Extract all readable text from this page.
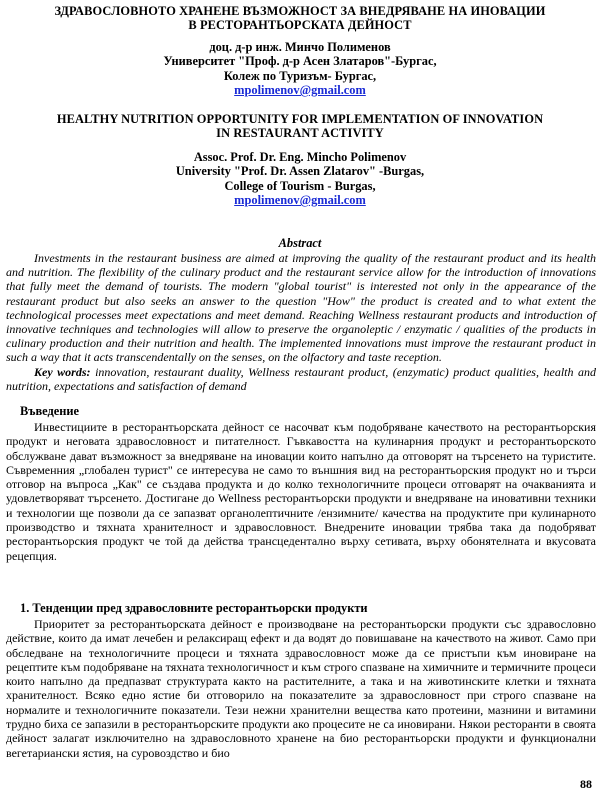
ЗДРАВОСЛОВНОТО ХРАНЕНЕ ВЪЗМОЖНОСТ ЗА ВНЕДРЯВАНЕ НА ИНОВАЦИИ
В РЕСТОРАНТЬОРСКАТА ДЕЙНОСТ
доц. д-р инж. Минчо Полименов
Университет "Проф. д-р Асен Златаров"-Бургас,
Колеж по Туризъм- Бургас,
mpolimenov@gmail.com
HEALTHY NUTRITION OPPORTUNITY FOR IMPLEMENTATION OF INNOVATION
IN RESTAURANT ACTIVITY
Assoc. Prof. Dr. Eng. Mincho Polimenov
University "Prof. Dr. Assen Zlatarov" -Burgas,
College of Tourism - Burgas,
mpolimenov@gmail.com
Abstract

Investments in the restaurant business are aimed at improving the quality of the restaurant product and its health and nutrition. The flexibility of the culinary product and the restaurant service allow for the introduction of innovations that fully meet the demand of tourists. The modern "global tourist" is interested not only in the appearance of the restaurant product but also seeks an answer to the question "How" the product is created and to what extent the technological processes meet expectations and meet demand. Reaching Wellness restaurant products and introduction of innovative techniques and technologies will allow to preserve the organoleptic / enzymatic / qualities of the products in culinary production and their nutrition and health. The implemented innovations must improve the restaurant product in such a way that it acts transcendentally on the senses, on the olfactory and taste reception.

Key words: innovation, restaurant duality, Wellness restaurant product, (enzymatic) product qualities, health and nutrition, expectations and satisfaction of demand

Въведение

Инвестициите в ресторантьорската дейност се насочват към подобряване качеството на ресторантьорския продукт и неговата здравословност и питателност. Гъвкавостта на кулинарния продукт и ресторантьорското обслужване дават възможност за внедряване на иновации които напълно да отговорят на търсенето на туристите. Съвременния „глобален турист" се интересува не само то външния вид на ресторантьорския продукт но и търси отговор на въпроса „Как" се създава продукта и до колко технологичните процеси отговарят на очакванията и удовлетворяват търсенето. Достигане до Wellness ресторантьорски продукти и внедряване на иновативни техники и технологии ще позволи да се запазват органолептичните /ензимните/ качества на продуктите при кулинарното производство и тяхната хранителност и здравословност. Внедрените иновации трябва така да подобряват ресторантьорския продукт че той да действа трансцедентално върху сетивата, върху обонятелната и вкусовата рецепция.

1. Тенденции пред здравословните ресторантьорски продукти

Приоритет за ресторантьорската дейност е производване на ресторантьорски продукти със здравословно действие, които да имат лечебен и релаксиращ ефект и да водят до повишаване на качеството на живот. Само при обследване на технологичните процеси и тяхната здравословност може да се пристъпи към иновиране на рецептите към подобряване на тяхната технологичност и към строго спазване на химичните и термичните процеси които напълно да предпазват структурата както на растителните, а така и на животинските клетки и тяхната хранителност. Всяко едно ястие би отговорило на показателите за здравословност при строго спазване на нормалите и технологичните показатели. Тези нежни хранителни вещества като протеини, мазнини и витамини трудно биха се запазили в ресторантьорските продукти ако процесите не са иновирани. Някои ресторанти в своята дейност залагат изключително на здравословното хранене на био ресторантьорски продукти и функционални вегетариански ястия, на суровоздство и био

88
